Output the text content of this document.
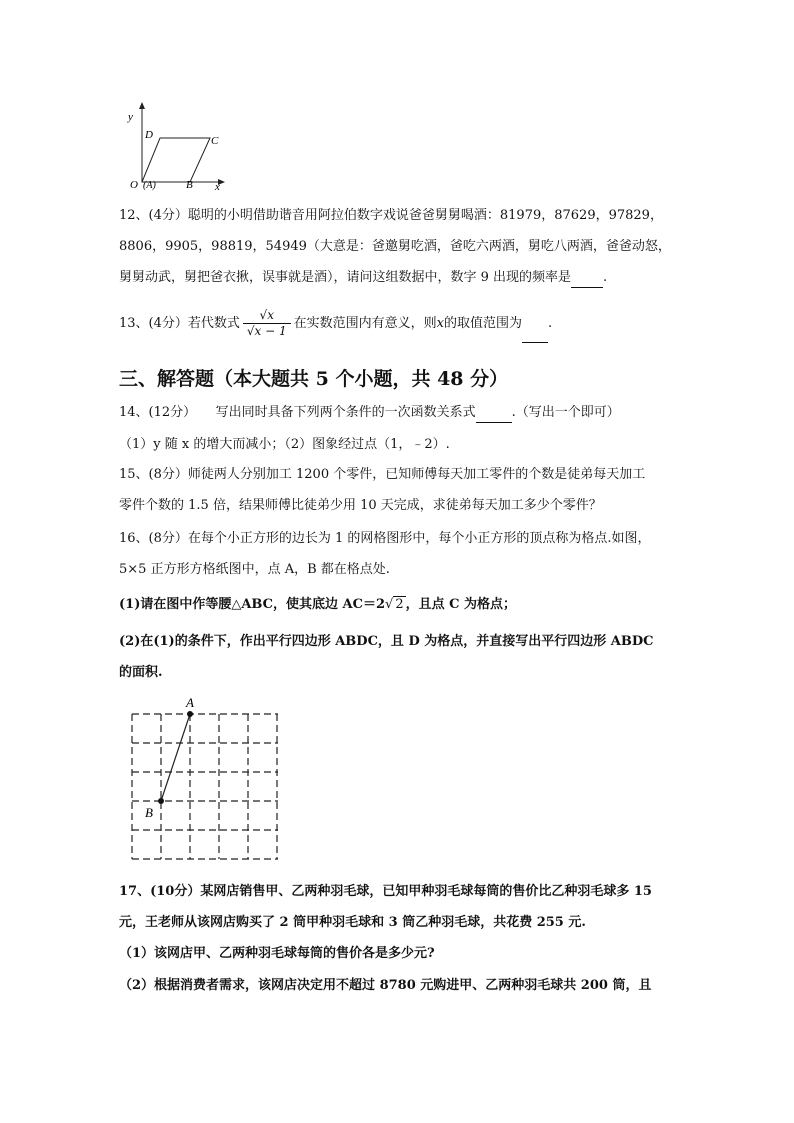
y
x
D	C
O (A)	B
12、(4分）聪明的小明借助谐音用阿拉伯数字戏说爸爸舅舅喝酒：81979，87629，97829，
8806，9905，98819，54949（大意是：爸邀舅吃酒，爸吃六两酒，舅吃八两酒，爸爸动怒，
舅舅动武，舅把爸衣揪，误事就是酒），请问这组数据中，数字 9 出现的频率是 .
13、(4分）若代数式 $\frac{√x}{√x - 1}$ 在实数范围内有意义，则x的取值范围为 .
三、解答题（本大题共 5 个小题，共 48 分）
14、(12分）　　写出同时具备下列两个条件的一次函数关系式	.（写出一个即可）
（1）y 随 x 的增大而减小；（2）图象经过点（1，﹣2）.
15、(8分）师徒两人分别加工 1200 个零件，已知师傅每天加工零件的个数是徒弟每天加工
零件个数的 1.5 倍，结果师傅比徒弟少用 10 天完成，求徒弟每天加工多少个零件？
16、(8分）在每个小正方形的边长为 1 的网格图形中，每个小正方形的顶点称为格点.如图，
5×5 正方形方格纸图中，点 A，B 都在格点处.
(1)请在图中作等腰△ABC，使其底边 AC＝2√ 2 ，且点 C 为格点；
(2)在(1)的条件下，作出平行四边形 ABDC，且 D 为格点，并直接写出平行四边形 ABDC
的面积.
A
B
17、(10分）某网店销售甲、乙两种羽毛球，已知甲种羽毛球每筒的售价比乙种羽毛球多 15
元，王老师从该网店购买了 2 筒甲种羽毛球和 3 筒乙种羽毛球，共花费 255 元.
（1）该网店甲、乙两种羽毛球每筒的售价各是多少元?
（2）根据消费者需求，该网店决定用不超过 8780 元购进甲、乙两种羽毛球共 200 筒，且
